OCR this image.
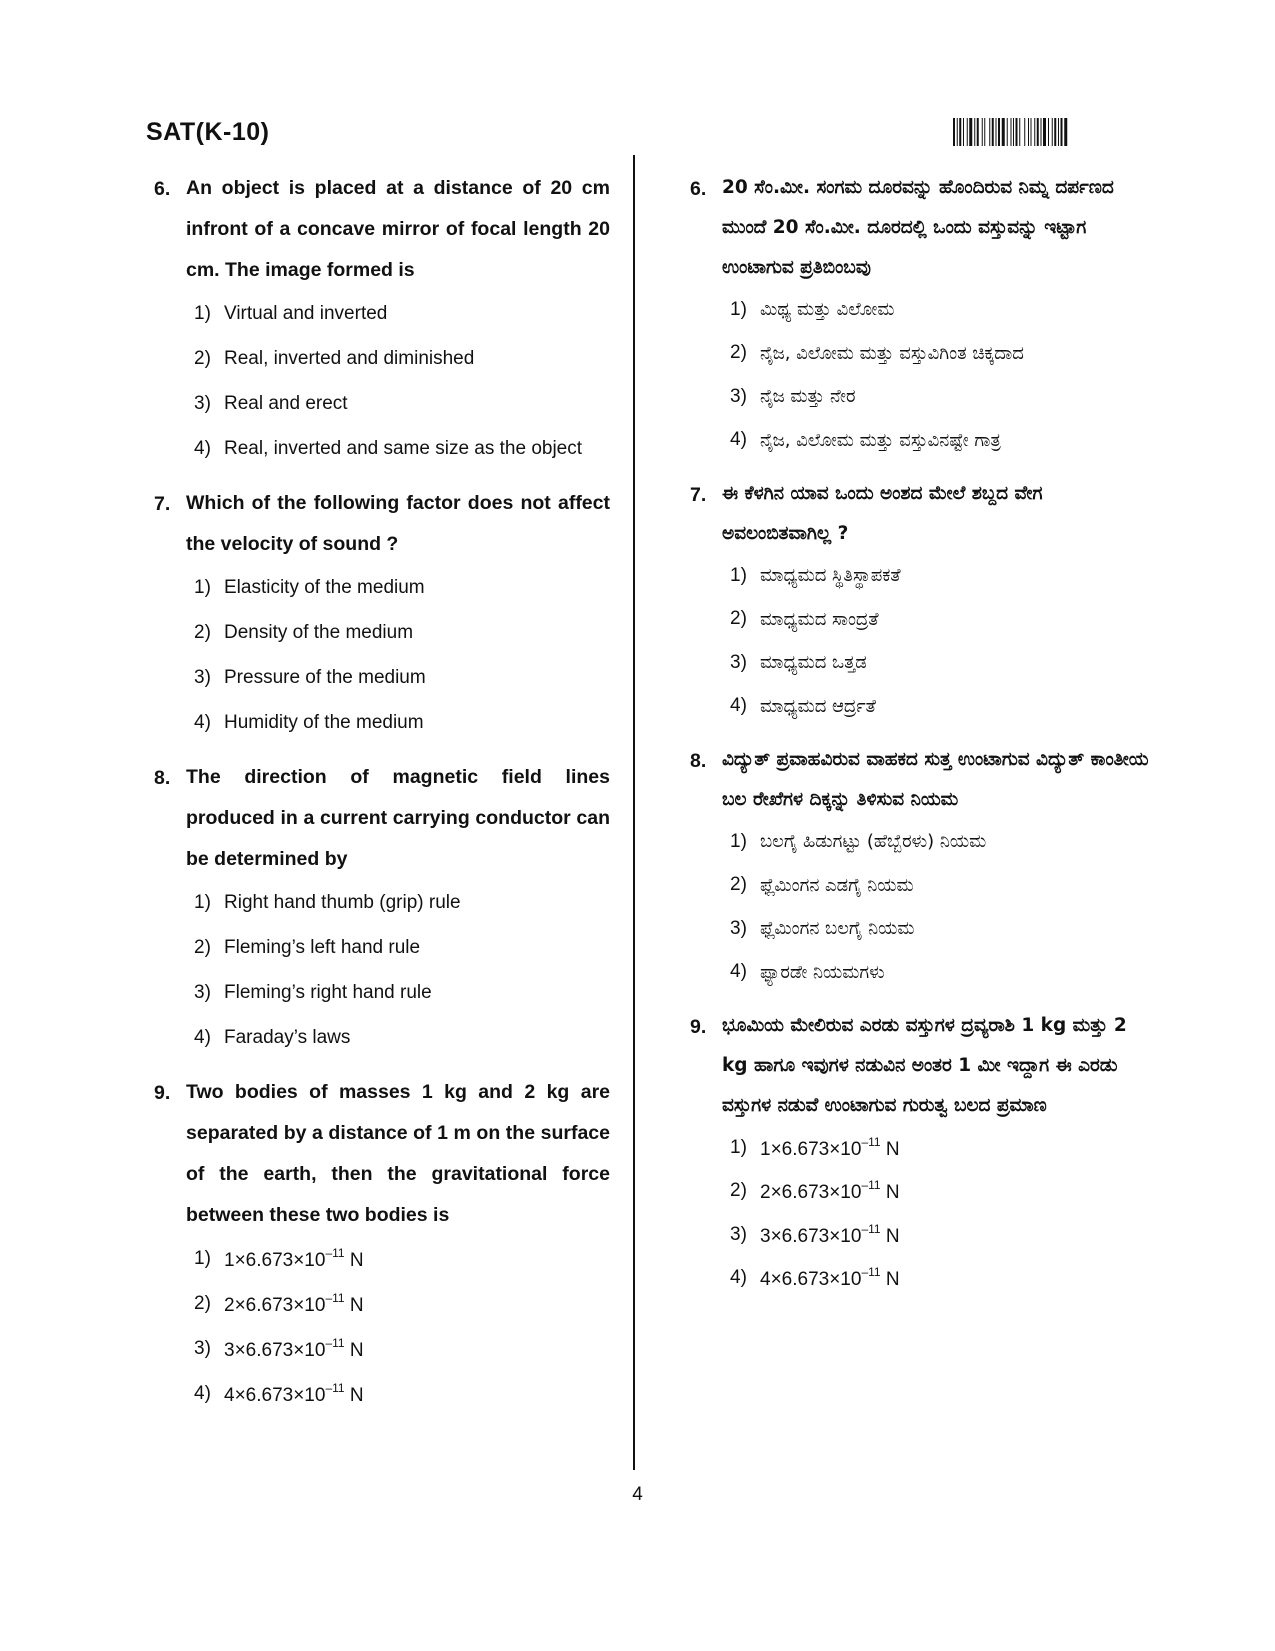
SAT(K-10)
6. An object is placed at a distance of 20 cm infront of a concave mirror of focal length 20 cm. The image formed is
1) Virtual and inverted
2) Real, inverted and diminished
3) Real and erect
4) Real, inverted and same size as the object
7. Which of the following factor does not affect the velocity of sound ?
1) Elasticity of the medium
2) Density of the medium
3) Pressure of the medium
4) Humidity of the medium
8. The direction of magnetic field lines produced in a current carrying conductor can be determined by
1) Right hand thumb (grip) rule
2) Fleming’s left hand rule
3) Fleming’s right hand rule
4) Faraday’s laws
9. Two bodies of masses 1 kg and 2 kg are separated by a distance of 1 m on the surface of the earth, then the gravitational force between these two bodies is
1) $1\times 6.673\times 10^{-11}$ N
2) $2\times 6.673\times 10^{-11}$ N
3) $3\times 6.673\times 10^{-11}$ N
4) $4\times 6.673\times 10^{-11}$ N
6. 20 ಸೆಂ.ಮೀ. ಸಂಗಮ ದೂರವನ್ನು ಹೊಂದಿರುವ ನಿಮ್ನ ದರ್ಪಣದ ಮುಂದೆ 20 ಸೆಂ.ಮೀ. ದೂರದಲ್ಲಿ ಒಂದು ವಸ್ತುವನ್ನು ಇಟ್ಟಾಗ ಉಂಟಾಗುವ ಪ್ರತಿಬಿಂಬವು
1) ಮಿಥ್ಯ ಮತ್ತು ವಿಲೋಮ
2) ನೈಜ, ವಿಲೋಮ ಮತ್ತು ವಸ್ತುವಿಗಿಂತ ಚಿಕ್ಕದಾದ
3) ನೈಜ ಮತ್ತು ನೇರ
4) ನೈಜ, ವಿಲೋಮ ಮತ್ತು ವಸ್ತುವಿನಷ್ಟೇ ಗಾತ್ರ
7. ಈ ಕೆಳಗಿನ ಯಾವ ಒಂದು ಅಂಶದ ಮೇಲೆ ಶಬ್ದದ ವೇಗ ಅವಲಂಬಿತವಾಗಿಲ್ಲ ?
1) ಮಾಧ್ಯಮದ ಸ್ಥಿತಿಸ್ಥಾಪಕತೆ
2) ಮಾಧ್ಯಮದ ಸಾಂದ್ರತೆ
3) ಮಾಧ್ಯಮದ ಒತ್ತಡ
4) ಮಾಧ್ಯಮದ ಆರ್ದ್ರತೆ
8. ವಿದ್ಯುತ್ ಪ್ರವಾಹವಿರುವ ವಾಹಕದ ಸುತ್ತ ಉಂಟಾಗುವ ವಿದ್ಯುತ್ ಕಾಂತೀಯ ಬಲ ರೇಖೆಗಳ ದಿಕ್ಕನ್ನು ತಿಳಿಸುವ ನಿಯಮ
1) ಬಲಗೈ ಹಿಡುಗಟ್ಟು (ಹೆಬ್ಬೆರಳು) ನಿಯಮ
2) ಫ್ಲೆಮಿಂಗನ ಎಡಗೈ ನಿಯಮ
3) ಫ್ಲೆಮಿಂಗನ ಬಲಗೈ ನಿಯಮ
4) ಫ್ಯಾರಡೇ ನಿಯಮಗಳು
9. ಭೂಮಿಯ ಮೇಲಿರುವ ಎರಡು ವಸ್ತುಗಳ ದ್ರವ್ಯರಾಶಿ 1 kg ಮತ್ತು 2 kg ಹಾಗೂ ಇವುಗಳ ನಡುವಿನ ಅಂತರ 1 ಮೀ ಇದ್ದಾಗ ಈ ಎರಡು ವಸ್ತುಗಳ ನಡುವೆ ಉಂಟಾಗುವ ಗುರುತ್ವ ಬಲದ ಪ್ರಮಾಣ
1) $1\times 6.673\times 10^{-11}$ N
2) $2\times 6.673\times 10^{-11}$ N
3) $3\times 6.673\times 10^{-11}$ N
4) $4\times 6.673\times 10^{-11}$ N
4
